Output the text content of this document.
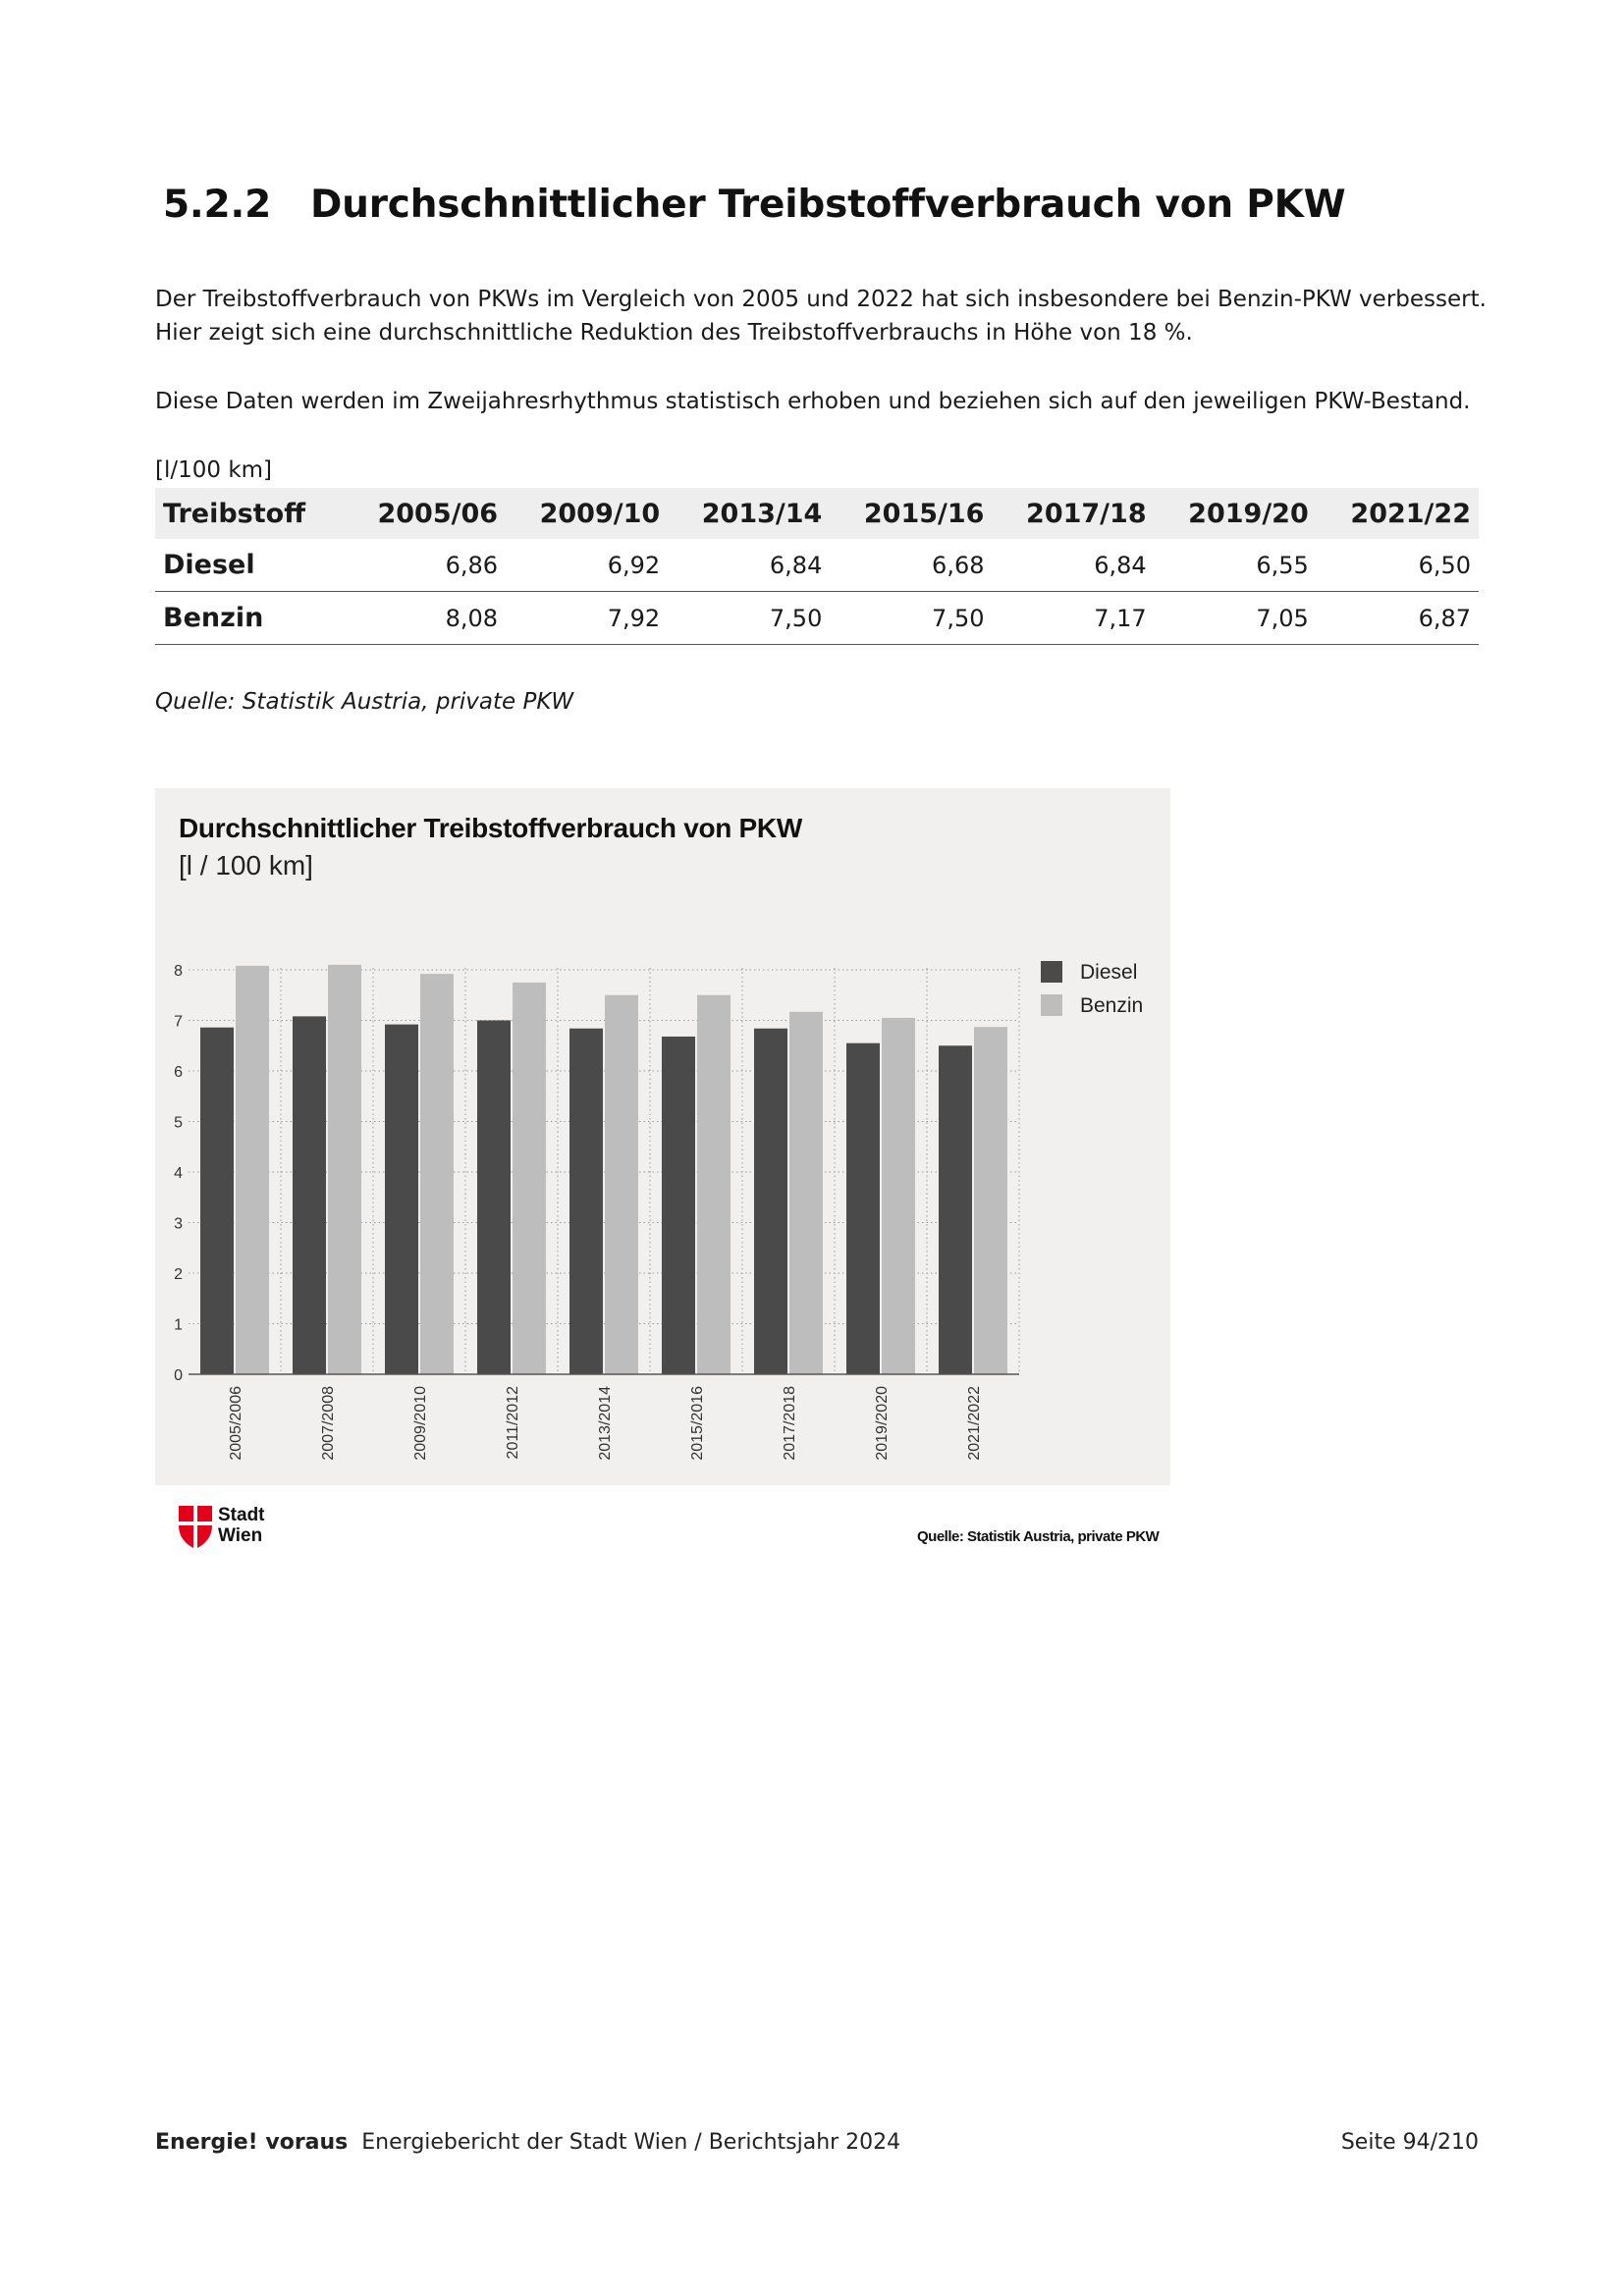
5.2.2	Durchschnittlicher Treibstoffverbrauch von PKW
Der Treibstoffverbrauch von PKWs im Vergleich von 2005 und 2022 hat sich insbesondere bei Benzin-PKW verbessert. Hier zeigt sich eine durchschnittliche Reduktion des Treibstoffverbrauchs in Höhe von 18 %.
Diese Daten werden im Zweijahresrhythmus statistisch erhoben und beziehen sich auf den jeweiligen PKW-Bestand.
[l/100 km]
Treibstoff	2005/06	2009/10	2013/14	2015/16	2017/18	2019/20	2021/22
Diesel	6,86	6,92	6,84	6,68	6,84	6,55	6,50
Benzin	8,08	7,92	7,50	7,50	7,17	7,05	6,87
Quelle: Statistik Austria, private PKW
Durchschnittlicher Treibstoffverbrauch von PKW
[l / 100 km]
0
1
2
3
4
5
6
7
8
2005/2006	2007/2008	2009/2010	2011/2012	2013/2014	2015/2016	2017/2018	2019/2020	2021/2022
Diesel
Benzin
Stadt
Wien	Quelle: Statistik Austria, private PKW
Energie! voraus Energiebericht der Stadt Wien / Berichtsjahr 2024	Seite 94/210
